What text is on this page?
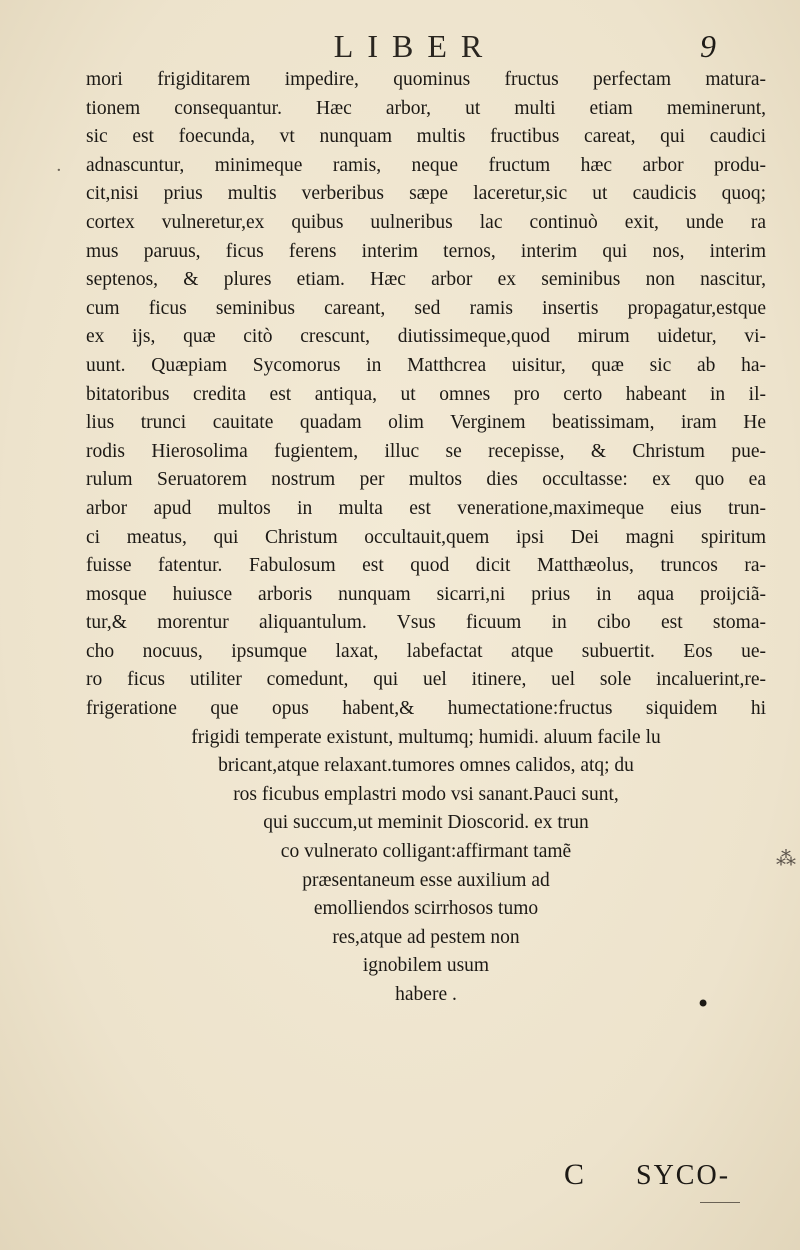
LIBER	9
·
mori frigiditarem impedire, quominus fructus perfectam matura-
tionem consequantur. Hæc arbor, ut multi etiam meminerunt,
sic est foecunda, vt nunquam multis fructibus careat, qui caudici
adnascuntur, minimeque ramis, neque fructum hæc arbor produ-
cit,nisi prius multis verberibus sæpe laceretur,sic ut caudicis quoq;
cortex vulneretur,ex quibus uulneribus lac continuò exit, unde ra
mus paruus, ficus ferens interim ternos, interim qui nos, interim
septenos, & plures etiam. Hæc arbor ex seminibus non nascitur,
cum ficus seminibus careant, sed ramis insertis propagatur,estque
ex ijs, quæ citò crescunt, diutissimeque,quod mirum uidetur, vi-
uunt. Quæpiam Sycomorus in Matthcrea uisitur, quæ sic ab ha-
bitatoribus credita est antiqua, ut omnes pro certo habeant in il-
lius trunci cauitate quadam olim Verginem beatissimam, iram He
rodis Hierosolima fugientem, illuc se recepisse, & Christum pue-
rulum Seruatorem nostrum per multos dies occultasse: ex quo ea
arbor apud multos in multa est veneratione,maximeque eius trun-
ci meatus, qui Christum occultauit,quem ipsi Dei magni spiritum
fuisse fatentur. Fabulosum est quod dicit Matthæolus, truncos ra-
mosque huiusce arboris nunquam sicarri,ni prius in aqua proijciã-
tur,& morentur aliquantulum. Vsus ficuum in cibo est stoma-
cho nocuus, ipsumque laxat, labefactat atque subuertit. Eos ue-
ro ficus utiliter comedunt, qui uel itinere, uel sole incaluerint,re-
frigeratione que opus habent,& humectatione:fructus siquidem hi
frigidi temperate existunt, multumq; humidi. aluum facile lu
bricant,atque relaxant.tumores omnes calidos, atq; du
ros ficubus emplastri modo vsi sanant.Pauci sunt,
qui succum,ut meminit Dioscorid. ex trun
co vulnerato colligant:affirmant tamẽ
præsentaneum esse auxilium ad
emolliendos scirrhosos tumo
res,atque ad pestem non
ignobilem usum
habere .
⁂
•
C SYCO-
